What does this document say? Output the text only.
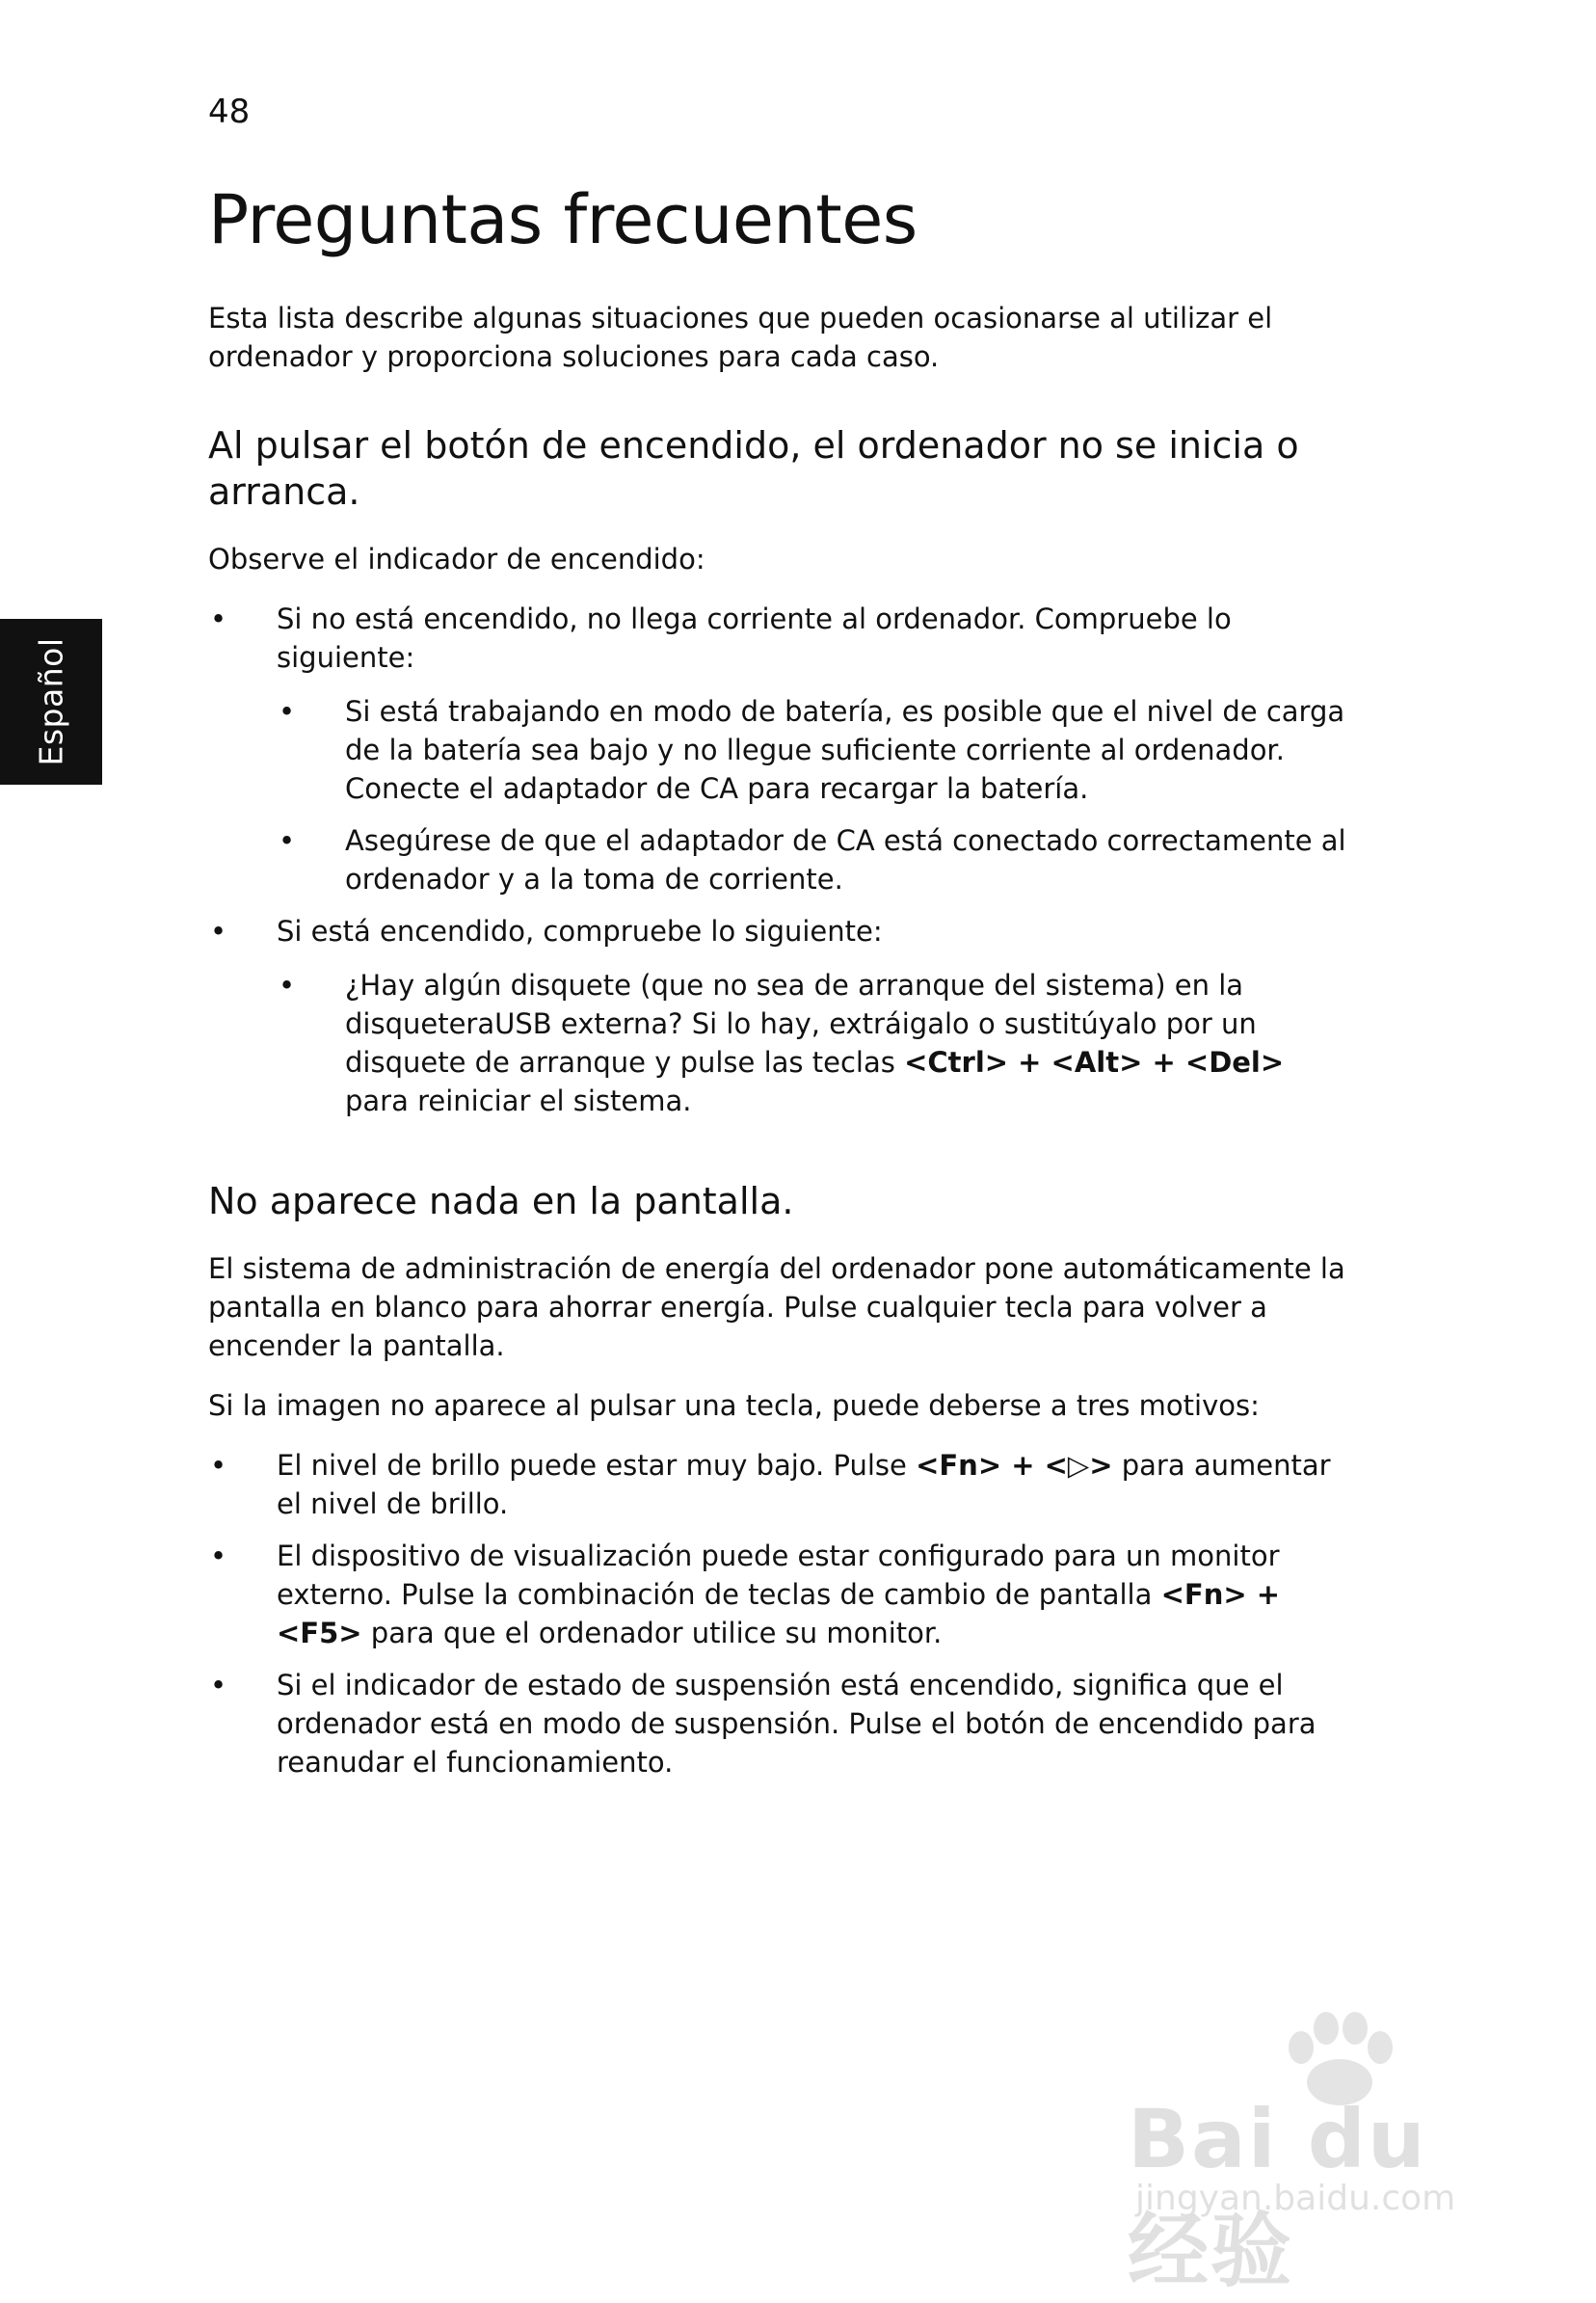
48
Español
Preguntas frecuentes

Esta lista describe algunas situaciones que pueden ocasionarse al utilizar el ordenador y proporciona soluciones para cada caso.

Al pulsar el botón de encendido, el ordenador no se inicia o arranca.

Observe el indicador de encendido:

•	Si no está encendido, no llega corriente al ordenador. Compruebe lo siguiente:
•	Si está trabajando en modo de batería, es posible que el nivel de carga de la batería sea bajo y no llegue suficiente corriente al ordenador. Conecte el adaptador de CA para recargar la batería.
•	Asegúrese de que el adaptador de CA está conectado correctamente al ordenador y a la toma de corriente.
•	Si está encendido, compruebe lo siguiente:
•	¿Hay algún disquete (que no sea de arranque del sistema) en la disqueteraUSB externa? Si lo hay, extráigalo o sustitúyalo por un disquete de arranque y pulse las teclas <Ctrl> + <Alt> + <Del> para reiniciar el sistema.
No aparece nada en la pantalla.

El sistema de administración de energía del ordenador pone automáticamente la pantalla en blanco para ahorrar energía. Pulse cualquier tecla para volver a encender la pantalla.

Si la imagen no aparece al pulsar una tecla, puede deberse a tres motivos:

•	El nivel de brillo puede estar muy bajo. Pulse <Fn> + <▷> para aumentar el nivel de brillo.
•	El dispositivo de visualización puede estar configurado para un monitor externo. Pulse la combinación de teclas de cambio de pantalla <Fn> + <F5> para que el ordenador utilice su monitor.
•	Si el indicador de estado de suspensión está encendido, significa que el ordenador está en modo de suspensión. Pulse el botón de encendido para reanudar el funcionamiento.
Bai du 经验
jingyan.baidu.com
